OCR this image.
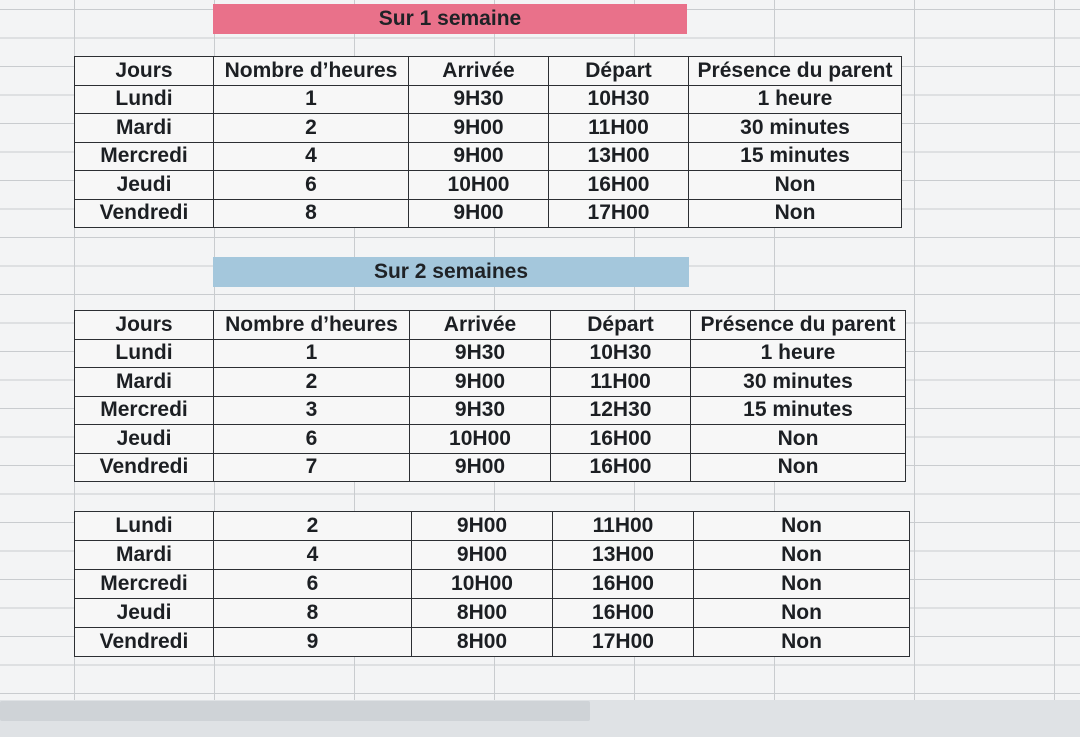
Sur 1 semaine
Jours	Nombre d’heures	Arrivée	Départ	Présence du parent
Lundi	1	9H30	10H30	1 heure
Mardi	2	9H00	11H00	30 minutes
Mercredi	4	9H00	13H00	15 minutes
Jeudi	6	10H00	16H00	Non
Vendredi	8	9H00	17H00	Non
Sur 2 semaines
Jours	Nombre d’heures	Arrivée	Départ	Présence du parent
Lundi	1	9H30	10H30	1 heure
Mardi	2	9H00	11H00	30 minutes
Mercredi	3	9H30	12H30	15 minutes
Jeudi	6	10H00	16H00	Non
Vendredi	7	9H00	16H00	Non
Lundi	2	9H00	11H00	Non
Mardi	4	9H00	13H00	Non
Mercredi	6	10H00	16H00	Non
Jeudi	8	8H00	16H00	Non
Vendredi	9	8H00	17H00	Non
